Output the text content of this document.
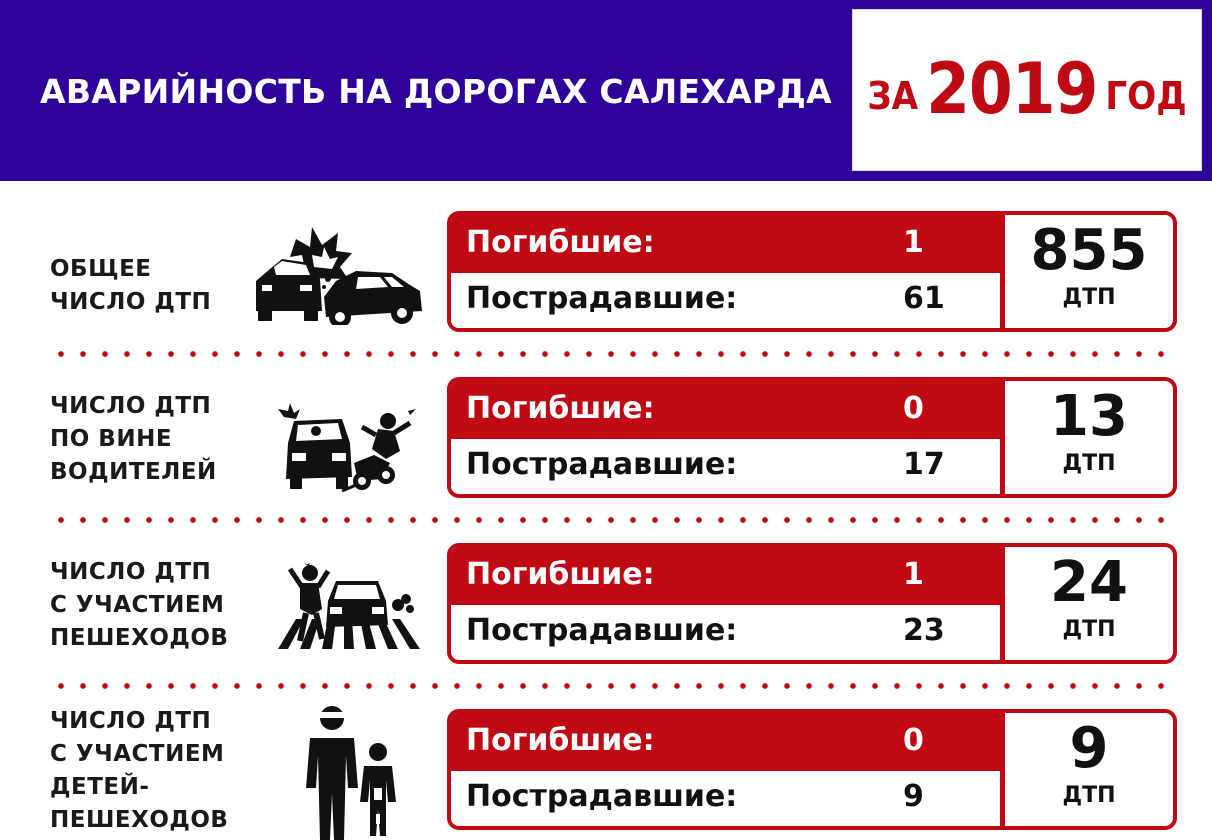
АВАРИЙНОСТЬ НА ДОРОГАХ САЛЕХАРДА ЗА 2019 ГОД
ОБЩЕЕ
ЧИСЛО ДТП
Погибшие:	1
Пострадавшие:	61
855
ДТП
ЧИСЛО ДТП
ПО ВИНЕ
ВОДИТЕЛЕЙ
Погибшие:	0
Пострадавшие:	17
13
ДТП
ЧИСЛО ДТП
С УЧАСТИЕМ
ПЕШЕХОДОВ
Погибшие:	1
Пострадавшие:	23
24
ДТП
ЧИСЛО ДТП
С УЧАСТИЕМ
ДЕТЕЙ-
ПЕШЕХОДОВ
Погибшие:	0
Пострадавшие:	9
9
ДТП
